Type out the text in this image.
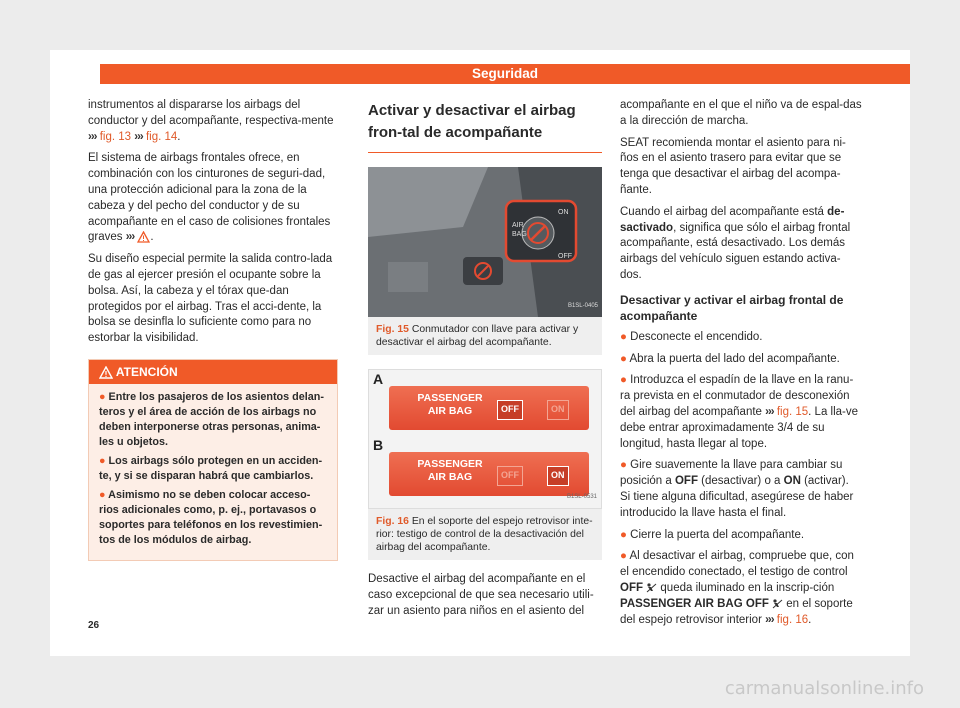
Seguridad

instrumentos al dispararse los airbags del conductor y del acompañante, respectiva-mente ››› fig. 13 ››› fig. 14.

El sistema de airbags frontales ofrece, en combinación con los cinturones de seguri-dad, una protección adicional para la zona de la cabeza y del pecho del conductor y de su acompañante en el caso de colisiones frontales graves ››› .

Su diseño especial permite la salida contro-lada de gas al ejercer presión el ocupante sobre la bolsa. Así, la cabeza y el tórax que-dan protegidos por el airbag. Tras el acci-dente, la bolsa se desinfla lo suficiente como para no estorbar la visibilidad.

ATENCIÓN
● Entre los pasajeros de los asientos delan-teros y el área de acción de los airbags no deben interponerse otras personas, anima-les u objetos.
● Los airbags sólo protegen en un acciden-te, y si se disparan habrá que cambiarlos.
● Asimismo no se deben colocar acceso-rios adicionales como, p. ej., portavasos o soportes para teléfonos en los revestimien-tos de los módulos de airbag.
Activar y desactivar el airbag fron-tal de acompañante
AIR
BAG
ON
OFF
B1SL-0405
Fig. 15 Conmutador con llave para activar y desactivar el airbag del acompañante.
A
PASSENGER
AIR BAG	OFF	ON
B
PASSENGER
AIR BAG	OFF	ON
B1SL-0531
Fig. 16 En el soporte del espejo retrovisor inte-rior: testigo de control de la desactivación del airbag del acompañante.

Desactive el airbag del acompañante en el caso excepcional de que sea necesario utili-zar un asiento para niños en el asiento del

acompañante en el que el niño va de espal-das a la dirección de marcha.

SEAT recomienda montar el asiento para ni-ños en el asiento trasero para evitar que se tenga que desactivar el airbag del acompa-ñante.

Cuando el airbag del acompañante está de-sactivado, significa que sólo el airbag frontal acompañante, está desactivado. Los demás airbags del vehículo siguen estando activa-dos.

Desactivar y activar el airbag frontal de acompañante

● Desconecte el encendido.

● Abra la puerta del lado del acompañante.

● Introduzca el espadín de la llave en la ranu-ra prevista en el conmutador de desconexión del airbag del acompañante ››› fig. 15. La lla-ve debe entrar aproximadamente 3/4 de su longitud, hasta llegar al tope.

● Gire suavemente la llave para cambiar su posición a OFF (desactivar) o a ON (activar). Si tiene alguna dificultad, asegúrese de haber introducido la llave hasta el final.

● Cierre la puerta del acompañante.

● Al desactivar el airbag, compruebe que, con el encendido conectado, el testigo de control OFF  queda iluminado en la inscrip-ción PASSENGER AIR BAG OFF  en el soporte del espejo retrovisor interior ››› fig. 16.

26
carmanualsonline.info
